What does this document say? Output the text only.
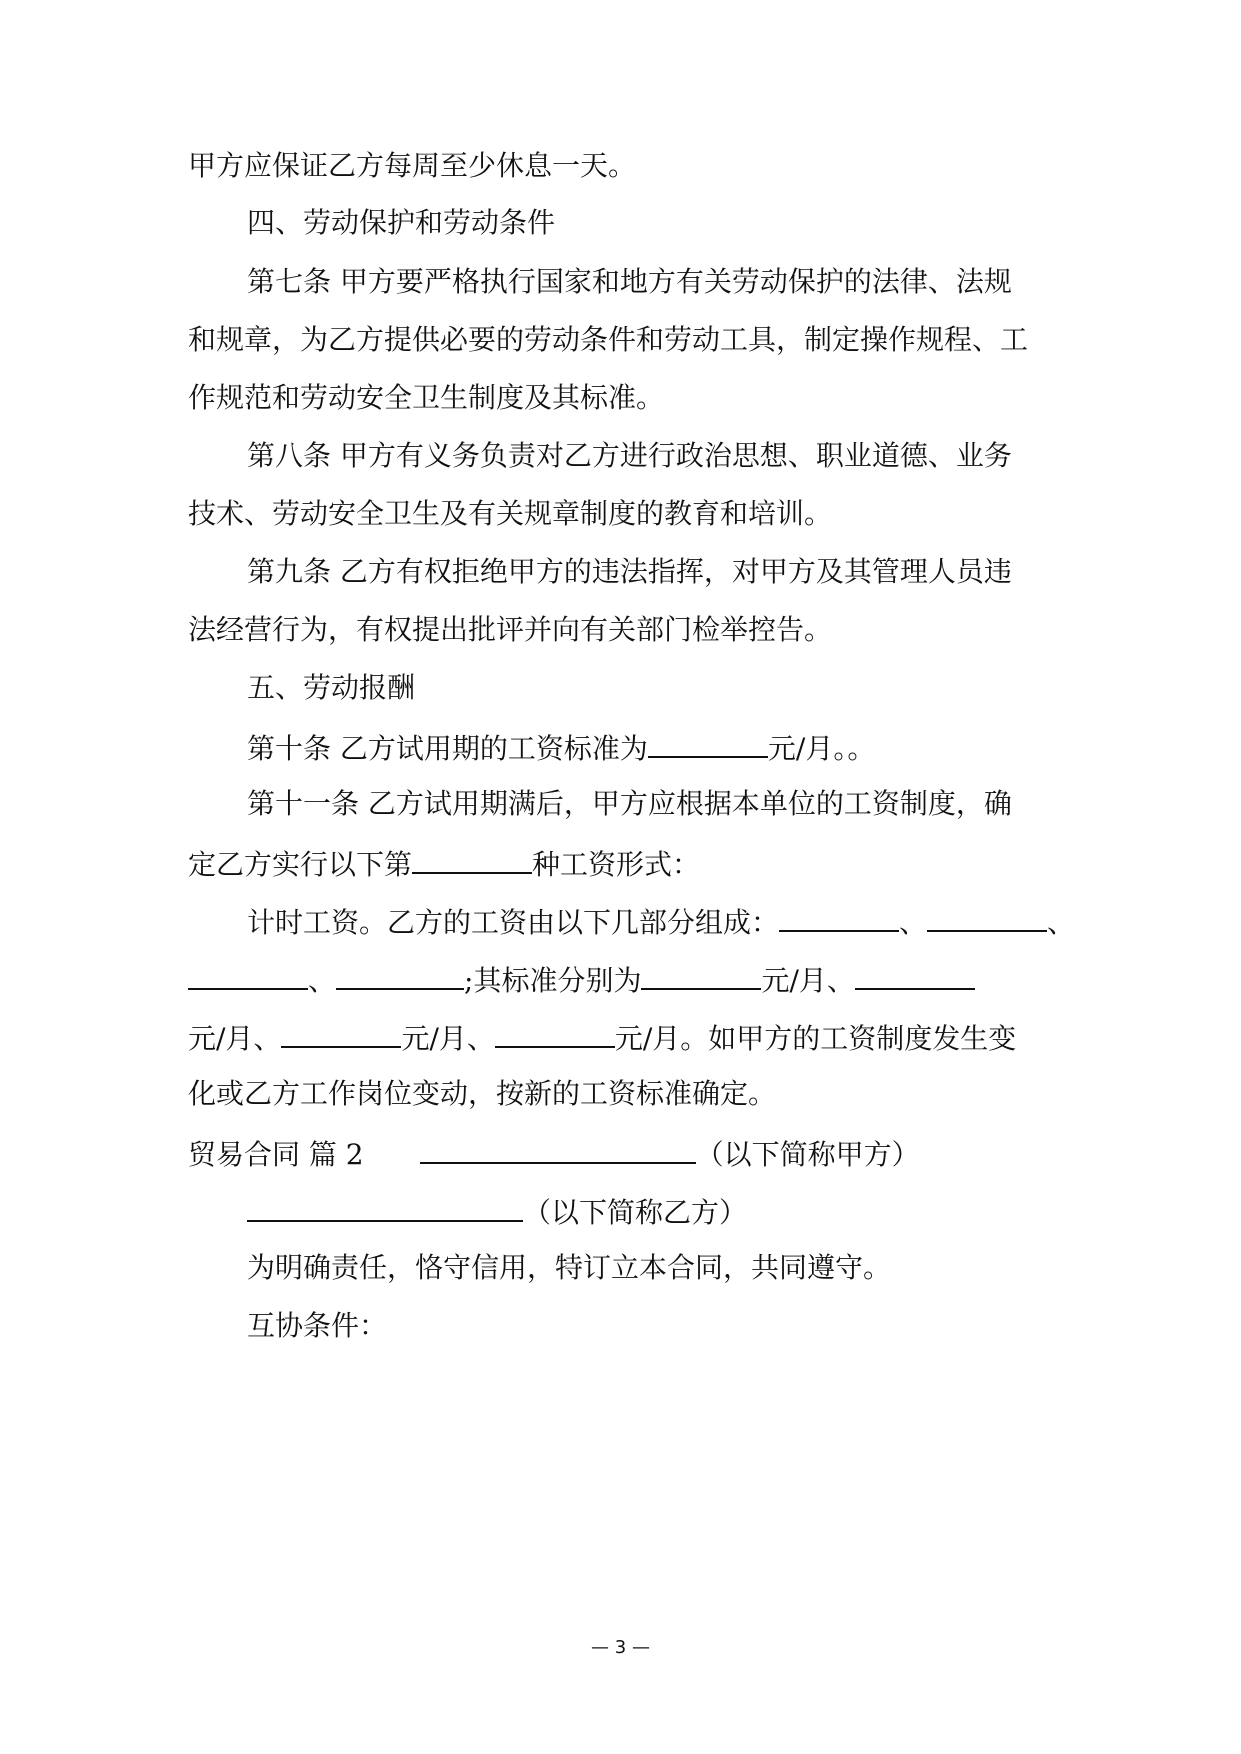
甲方应保证乙方每周至少休息一天。
四、劳动保护和劳动条件
第七条 甲方要严格执行国家和地方有关劳动保护的法律、法规
和规章，为乙方提供必要的劳动条件和劳动工具，制定操作规程、工
作规范和劳动安全卫生制度及其标准。
第八条 甲方有义务负责对乙方进行政治思想、职业道德、业务
技术、劳动安全卫生及有关规章制度的教育和培训。
第九条 乙方有权拒绝甲方的违法指挥，对甲方及其管理人员违
法经营行为，有权提出批评并向有关部门检举控告。
五、劳动报酬
第十条 乙方试用期的工资标准为	元/月。。
第十一条 乙方试用期满后，甲方应根据本单位的工资制度，确
定乙方实行以下第	种工资形式：
计时工资。乙方的工资由以下几部分组成：	、	、
、	;其标准分别为	元/月、
元/月、	元/月、	元/月。如甲方的工资制度发生变
化或乙方工作岗位变动，按新的工资标准确定。
贸易合同 篇 2	（以下简称甲方）
（以下简称乙方）
为明确责任，恪守信用，特订立本合同，共同遵守。
互协条件：
— 3 —
